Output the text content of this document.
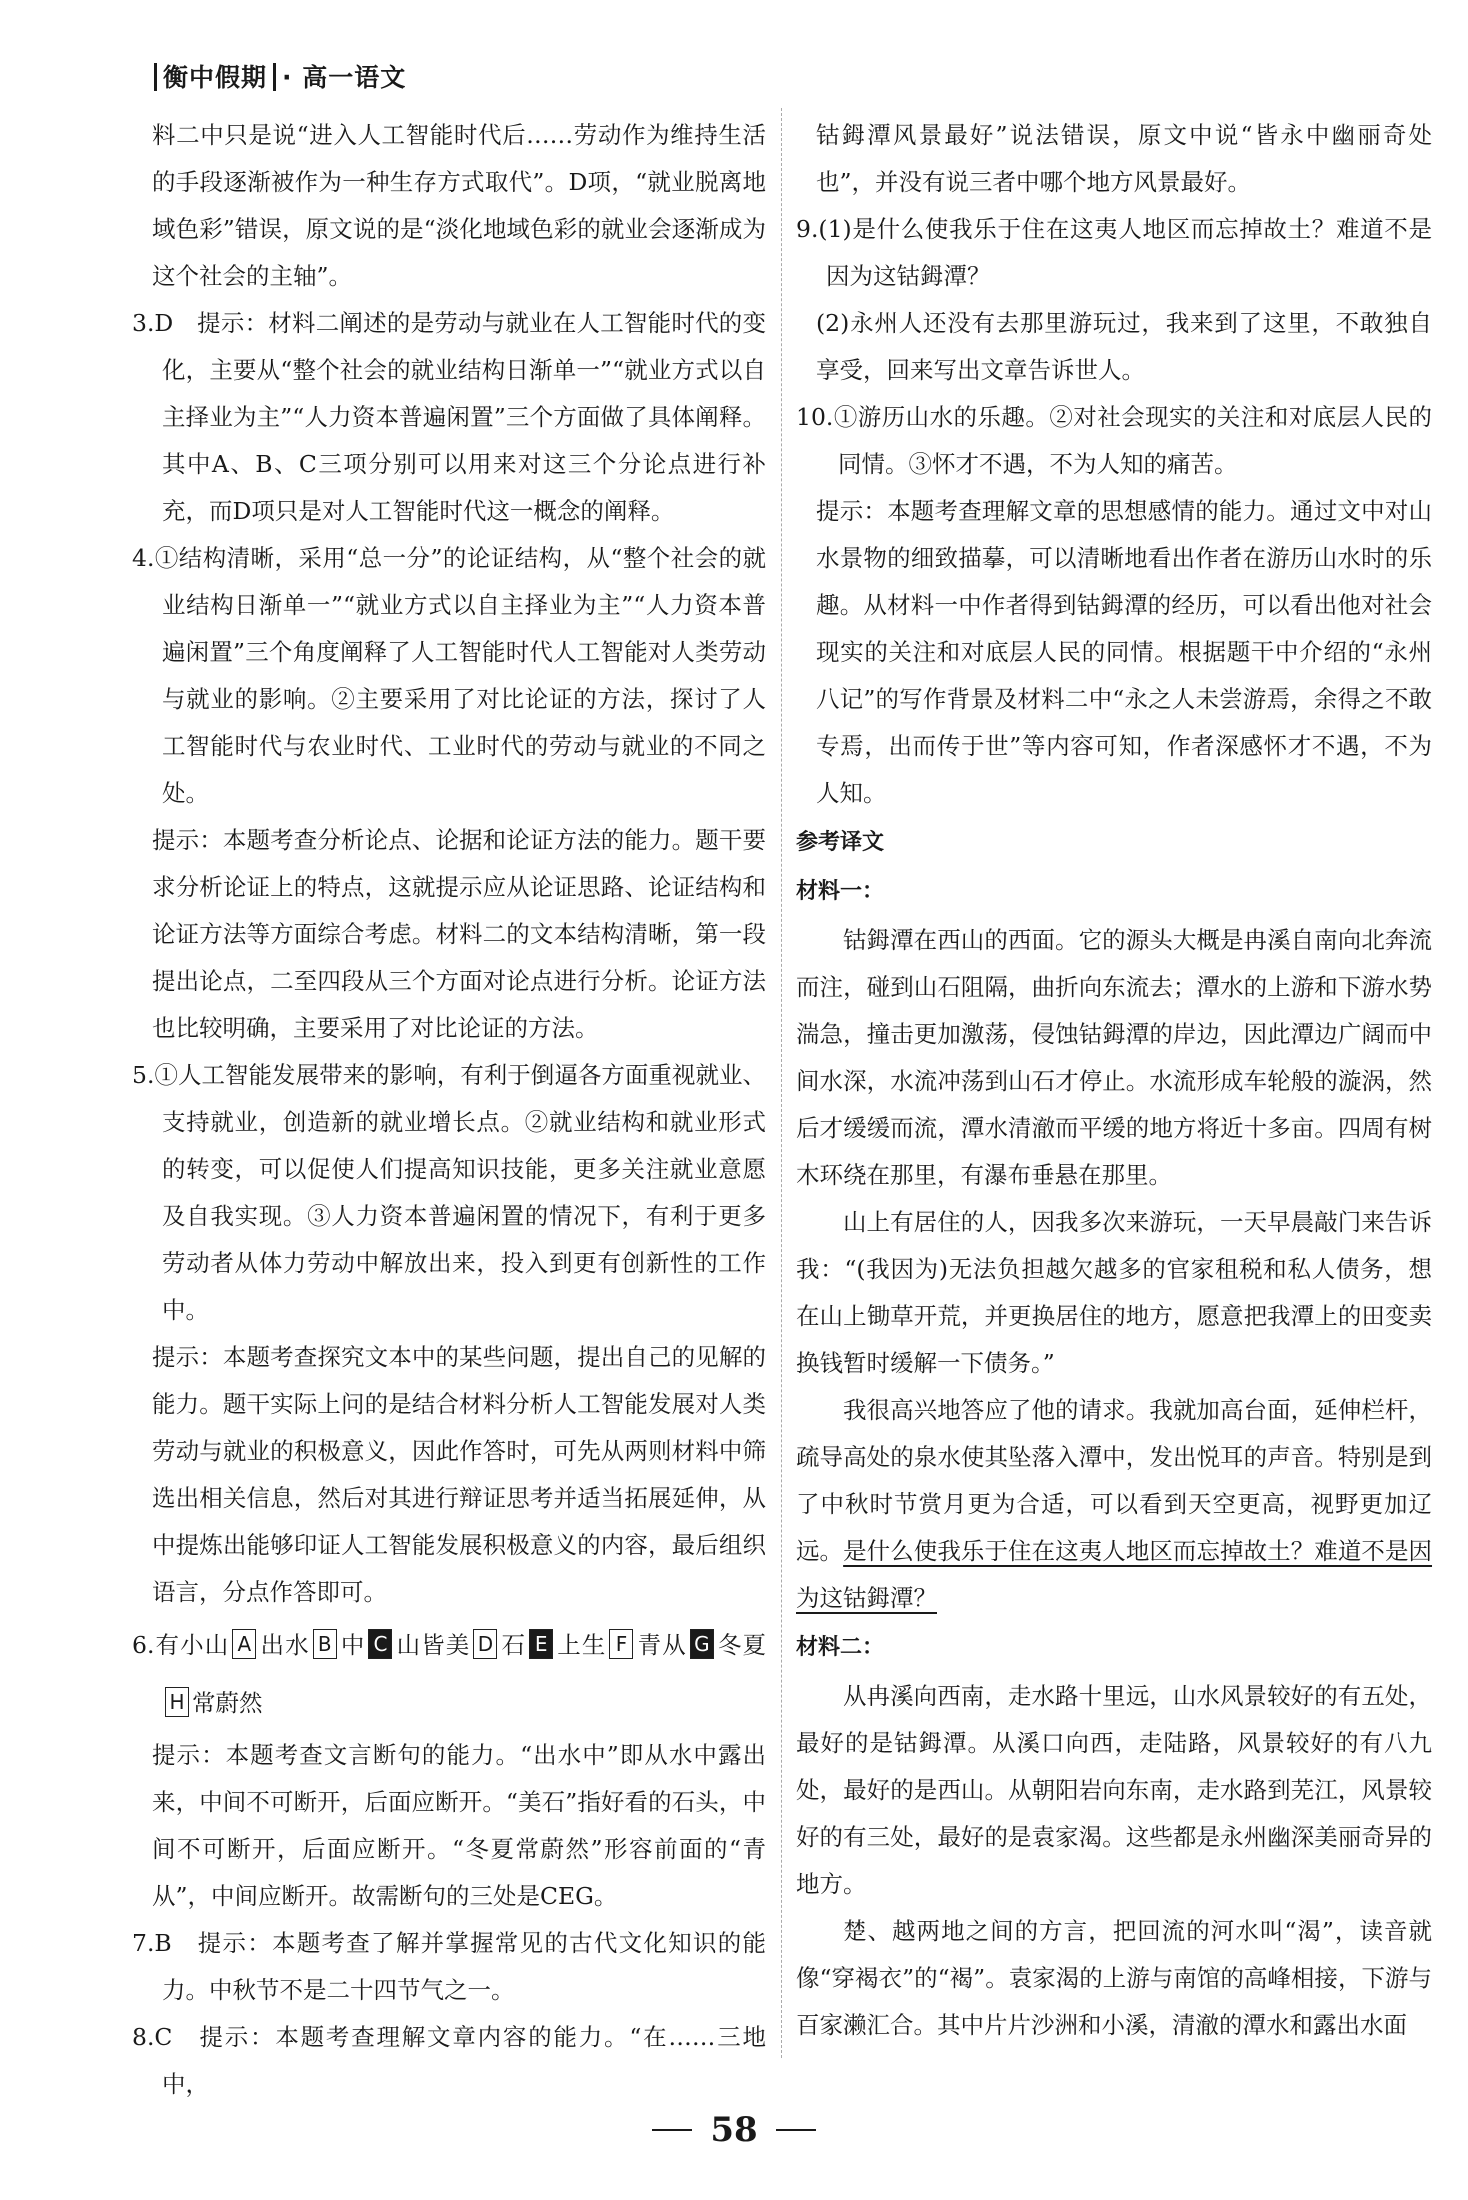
衡中假期 · 高一语文

料二中只是说“进入人工智能时代后……劳动作为维持生活的手段逐渐被作为一种生存方式取代”。D项，“就业脱离地域色彩”错误，原文说的是“淡化地域色彩的就业会逐渐成为这个社会的主轴”。

3.D　提示：材料二阐述的是劳动与就业在人工智能时代的变化，主要从“整个社会的就业结构日渐单一”“就业方式以自主择业为主”“人力资本普遍闲置”三个方面做了具体阐释。其中A、B、C三项分别可以用来对这三个分论点进行补充，而D项只是对人工智能时代这一概念的阐释。

4.①结构清晰，采用“总一分”的论证结构，从“整个社会的就业结构日渐单一”“就业方式以自主择业为主”“人力资本普遍闲置”三个角度阐释了人工智能时代人工智能对人类劳动与就业的影响。②主要采用了对比论证的方法，探讨了人工智能时代与农业时代、工业时代的劳动与就业的不同之处。

提示：本题考查分析论点、论据和论证方法的能力。题干要求分析论证上的特点，这就提示应从论证思路、论证结构和论证方法等方面综合考虑。材料二的文本结构清晰，第一段提出论点，二至四段从三个方面对论点进行分析。论证方法也比较明确，主要采用了对比论证的方法。

5.①人工智能发展带来的影响，有利于倒逼各方面重视就业、支持就业，创造新的就业增长点。②就业结构和就业形式的转变，可以促使人们提高知识技能，更多关注就业意愿及自我实现。③人力资本普遍闲置的情况下，有利于更多劳动者从体力劳动中解放出来，投入到更有创新性的工作中。

提示：本题考查探究文本中的某些问题，提出自己的见解的能力。题干实际上问的是结合材料分析人工智能发展对人类劳动与就业的积极意义，因此作答时，可先从两则材料中筛选出相关信息，然后对其进行辩证思考并适当拓展延伸，从中提炼出能够印证人工智能发展积极意义的内容，最后组织语言，分点作答即可。

6.有小山 A 出水 B 中 C 山皆美 D 石 E 上生 F 青从 G 冬夏H 常蔚然

提示：本题考查文言断句的能力。“出水中”即从水中露出来，中间不可断开，后面应断开。“美石”指好看的石头，中间不可断开，后面应断开。“冬夏常蔚然”形容前面的“青从”，中间应断开。故需断句的三处是CEG。

7.B　提示：本题考查了解并掌握常见的古代文化知识的能力。中秋节不是二十四节气之一。

8.C　提示：本题考查理解文章内容的能力。“在……三地中，

钴鉧潭风景最好”说法错误，原文中说“皆永中幽丽奇处也”，并没有说三者中哪个地方风景最好。

9.(1)是什么使我乐于住在这夷人地区而忘掉故土？难道不是因为这钴鉧潭？

(2)永州人还没有去那里游玩过，我来到了这里，不敢独自享受，回来写出文章告诉世人。

10.①游历山水的乐趣。②对社会现实的关注和对底层人民的同情。③怀才不遇，不为人知的痛苦。

提示：本题考查理解文章的思想感情的能力。通过文中对山水景物的细致描摹，可以清晰地看出作者在游历山水时的乐趣。从材料一中作者得到钴鉧潭的经历，可以看出他对社会现实的关注和对底层人民的同情。根据题干中介绍的“永州八记”的写作背景及材料二中“永之人未尝游焉，余得之不敢专焉，出而传于世”等内容可知，作者深感怀才不遇，不为人知。

参考译文

材料一：

钴鉧潭在西山的西面。它的源头大概是冉溪自南向北奔流而注，碰到山石阻隔，曲折向东流去；潭水的上游和下游水势湍急，撞击更加激荡，侵蚀钴鉧潭的岸边，因此潭边广阔而中间水深，水流冲荡到山石才停止。水流形成车轮般的漩涡，然后才缓缓而流，潭水清澈而平缓的地方将近十多亩。四周有树木环绕在那里，有瀑布垂悬在那里。

山上有居住的人，因我多次来游玩，一天早晨敲门来告诉我：“(我因为)无法负担越欠越多的官家租税和私人债务，想在山上锄草开荒，并更换居住的地方，愿意把我潭上的田变卖换钱暂时缓解一下债务。”

我很高兴地答应了他的请求。我就加高台面，延伸栏杆，疏导高处的泉水使其坠落入潭中，发出悦耳的声音。特别是到了中秋时节赏月更为合适，可以看到天空更高，视野更加辽远。是什么使我乐于住在这夷人地区而忘掉故土？难道不是因为这钴鉧潭？

材料二：

从冉溪向西南，走水路十里远，山水风景较好的有五处，最好的是钴鉧潭。从溪口向西，走陆路，风景较好的有八九处，最好的是西山。从朝阳岩向东南，走水路到芜江，风景较好的有三处，最好的是袁家渴。这些都是永州幽深美丽奇异的地方。

楚、越两地之间的方言，把回流的河水叫“渴”，读音就像“穿褐衣”的“褐”。袁家渴的上游与南馆的高峰相接，下游与百家濑汇合。其中片片沙洲和小溪，清澈的潭水和露出水面

58
